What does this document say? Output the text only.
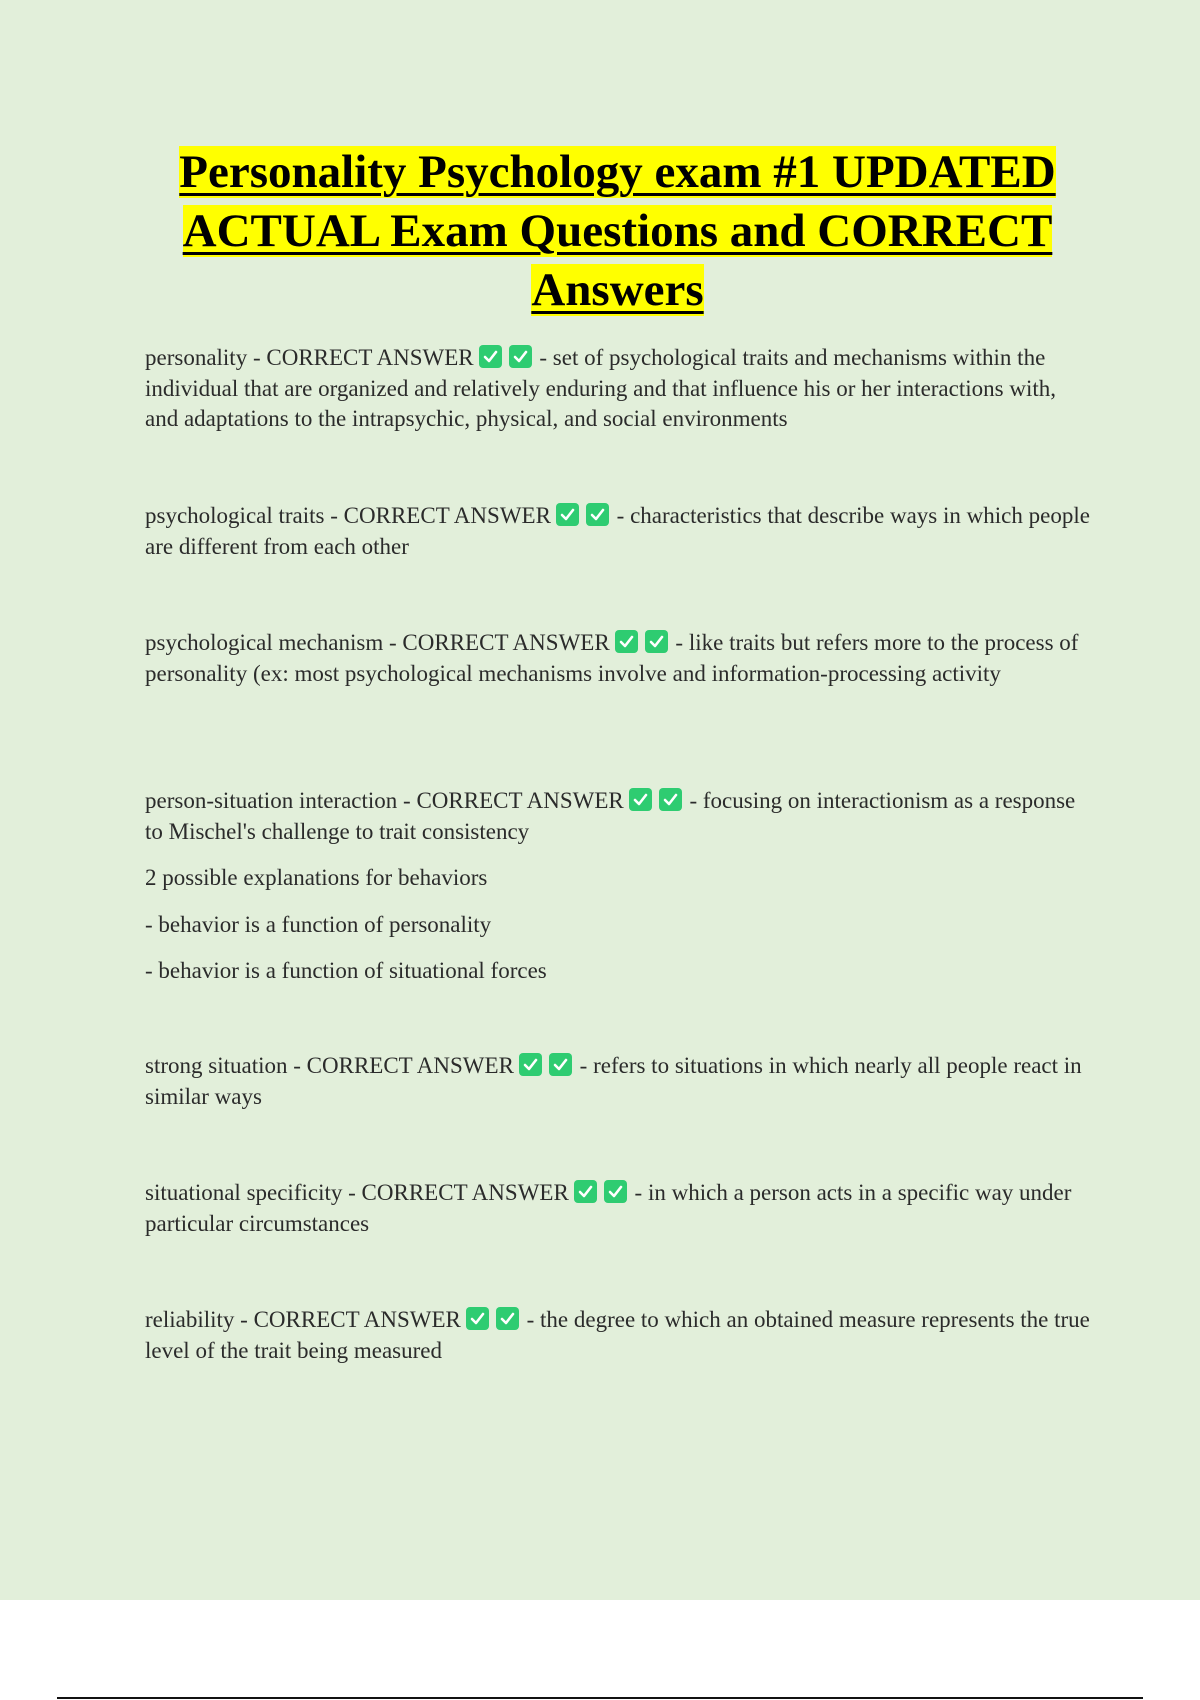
Personality Psychology exam #1 UPDATED ACTUAL Exam Questions and CORRECT Answers

personality - CORRECT ANSWER	- set of psychological traits and mechanisms within the individual that are organized and relatively enduring and that influence his or her interactions with, and adaptations to the intrapsychic, physical, and social environments

psychological traits - CORRECT ANSWER	- characteristics that describe ways in which people are different from each other

psychological mechanism - CORRECT ANSWER	- like traits but refers more to the process of personality (ex: most psychological mechanisms involve and information-processing activity

person-situation interaction - CORRECT ANSWER	- focusing on interactionism as a response to Mischel's challenge to trait consistency

2 possible explanations for behaviors

- behavior is a function of personality

- behavior is a function of situational forces

strong situation - CORRECT ANSWER	- refers to situations in which nearly all people react in similar ways

situational specificity - CORRECT ANSWER	- in which a person acts in a specific way under particular circumstances

reliability - CORRECT ANSWER	- the degree to which an obtained measure represents the true level of the trait being measured
